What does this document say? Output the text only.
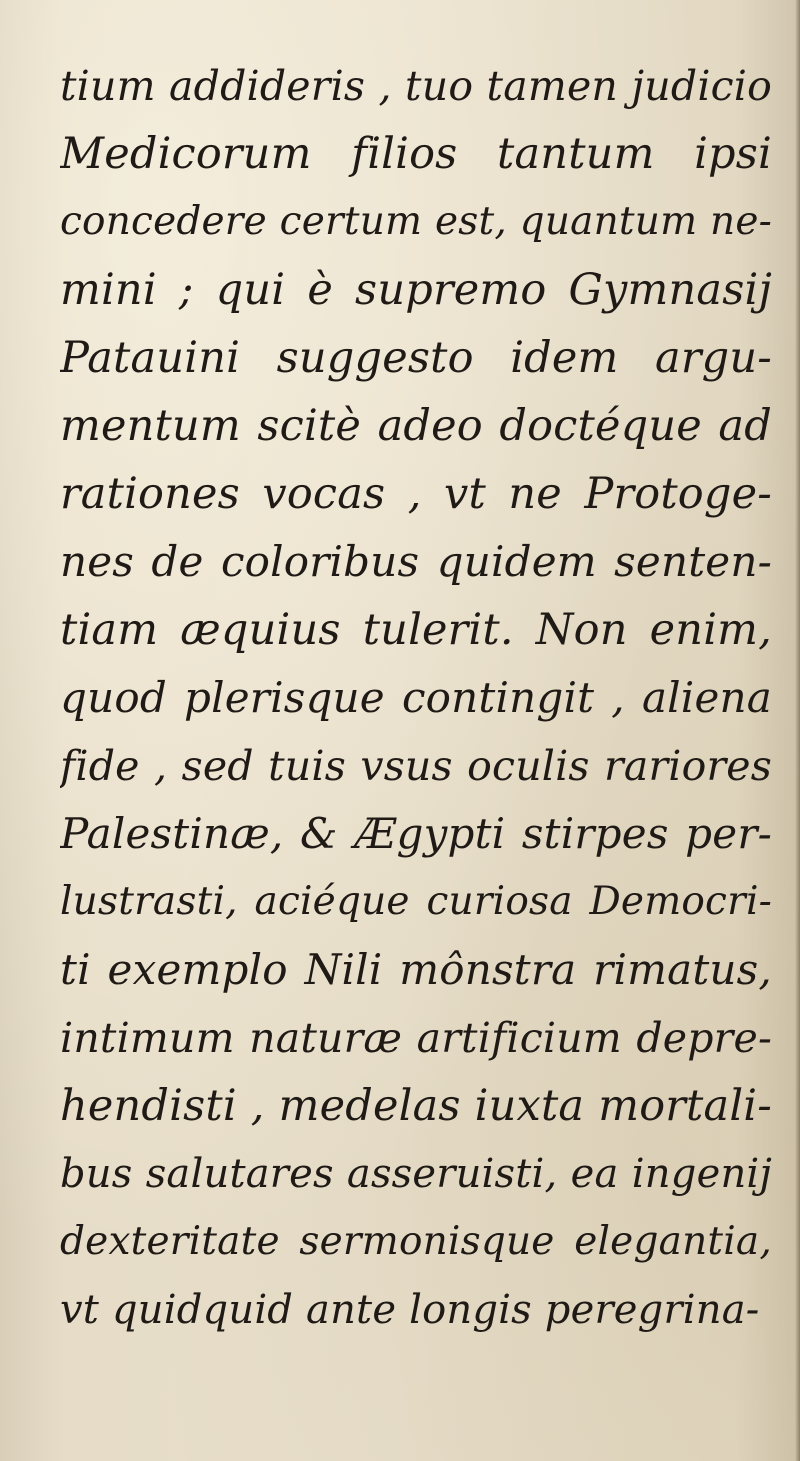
tium addideris , tuo tamen judicio
Medicorum filios tantum ipsi
concedere certum est, quantum ne-
mini ; qui è supremo Gymnasij
Patauini suggesto idem argu-
mentum scitè adeo doctéque ad
rationes vocas , vt ne Protoge-
nes de coloribus quidem senten-
tiam æquius tulerit. Non enim,
quod plerisque contingit , aliena
fide , sed tuis vsus oculis rariores
Palestinæ, & Ægypti stirpes per-
lustrasti, aciéque curiosa Democri-
ti exemplo Nili mônstra rimatus,
intimum naturæ artificium depre-
hendisti , medelas iuxta mortali-
bus salutares asseruisti, ea ingenij
dexteritate sermonisque elegantia,
vt quidquid ante longis peregrina-
